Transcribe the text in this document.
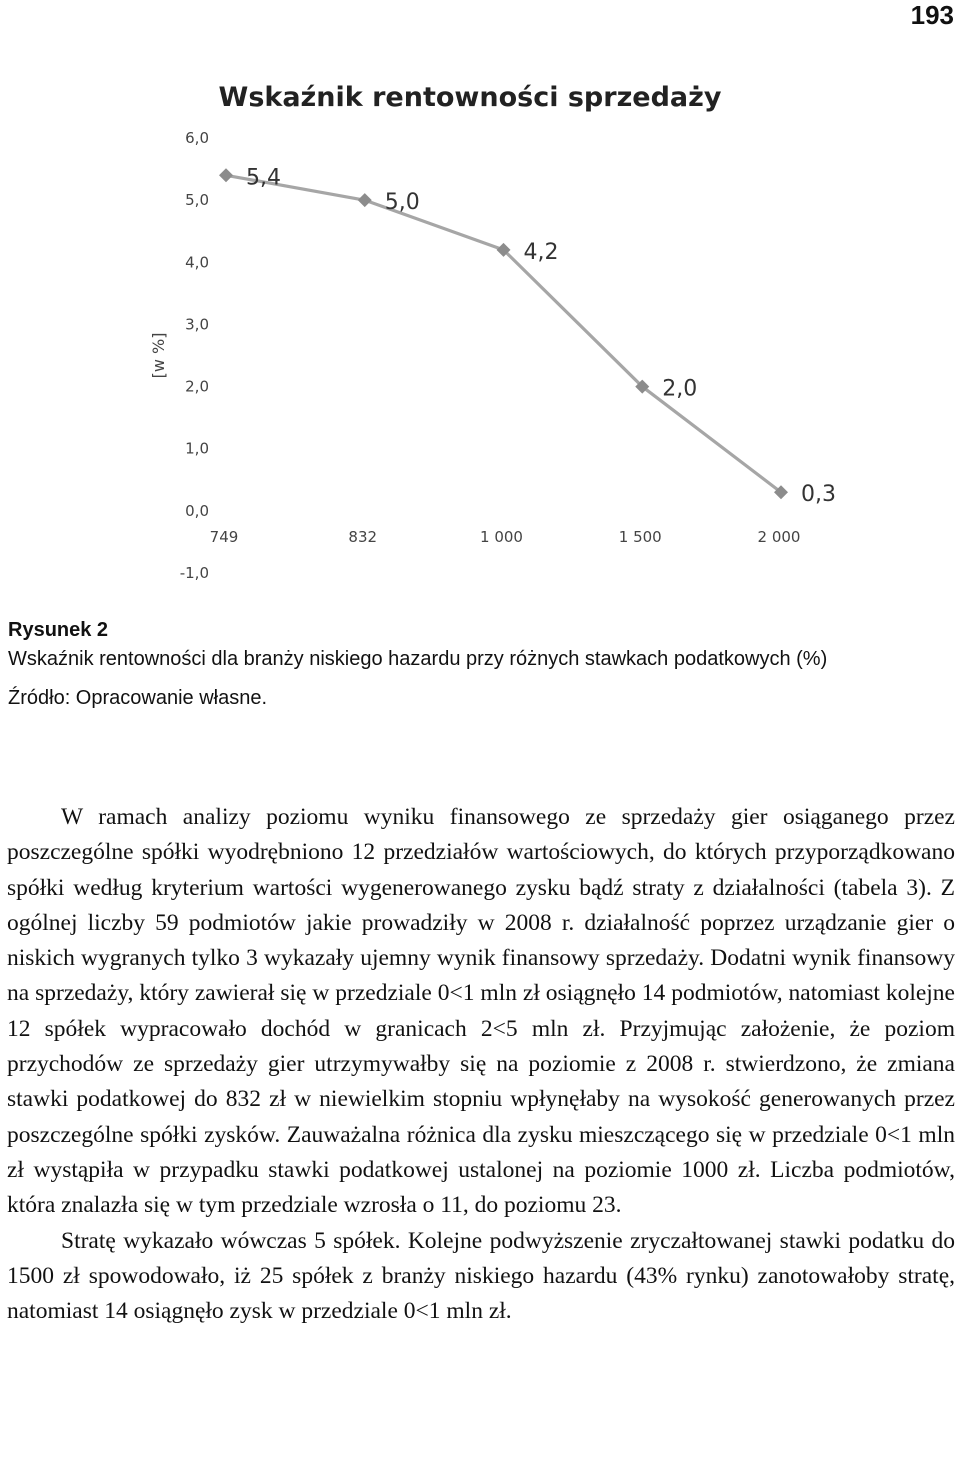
193
Wskaźnik rentowności sprzedaży
[w %]
-1,0
0,0
1,0
2,0
3,0
4,0
5,0
6,0
749	832	1 000	1 500	2 000
5,4
5,0
4,2
2,0
0,3
Rysunek 2
Wskaźnik rentowności dla branży niskiego hazardu przy różnych stawkach podatkowych (%)
Źródło: Opracowanie własne.

W ramach analizy poziomu wyniku finansowego ze sprzedaży gier osiąganego przez poszczególne spółki wyodrębniono 12 przedziałów wartościowych, do których przyporządkowano spółki według kryterium wartości wygenerowanego zysku bądź straty z działalności (tabela 3). Z ogólnej liczby 59 podmiotów jakie prowadziły w 2008 r. działalność poprzez urządzanie gier o niskich wygranych tylko 3 wykazały ujemny wynik finansowy sprzedaży. Dodatni wynik finansowy na sprzedaży, który zawierał się w przedziale 0<1 mln zł osiągnęło 14 podmiotów, natomiast kolejne 12 spółek wypracowało dochód w granicach 2<5 mln zł. Przyjmując założenie, że poziom przychodów ze sprzedaży gier utrzymywałby się na poziomie z 2008 r. stwierdzono, że zmiana stawki podatkowej do 832 zł w niewielkim stopniu wpłynęłaby na wysokość generowanych przez poszczególne spółki zysków. Zauważalna różnica dla zysku mieszczącego się w przedziale 0<1 mln zł wystąpiła w przypadku stawki podatkowej ustalonej na poziomie 1000 zł. Liczba podmiotów, która znalazła się w tym przedziale wzrosła o 11, do poziomu 23.

Stratę wykazało wówczas 5 spółek. Kolejne podwyższenie zryczałtowanej stawki podatku do 1500 zł spowodowało, iż 25 spółek z branży niskiego hazardu (43% rynku) zanotowałoby stratę, natomiast 14 osiągnęło zysk w przedziale 0<1 mln zł.
